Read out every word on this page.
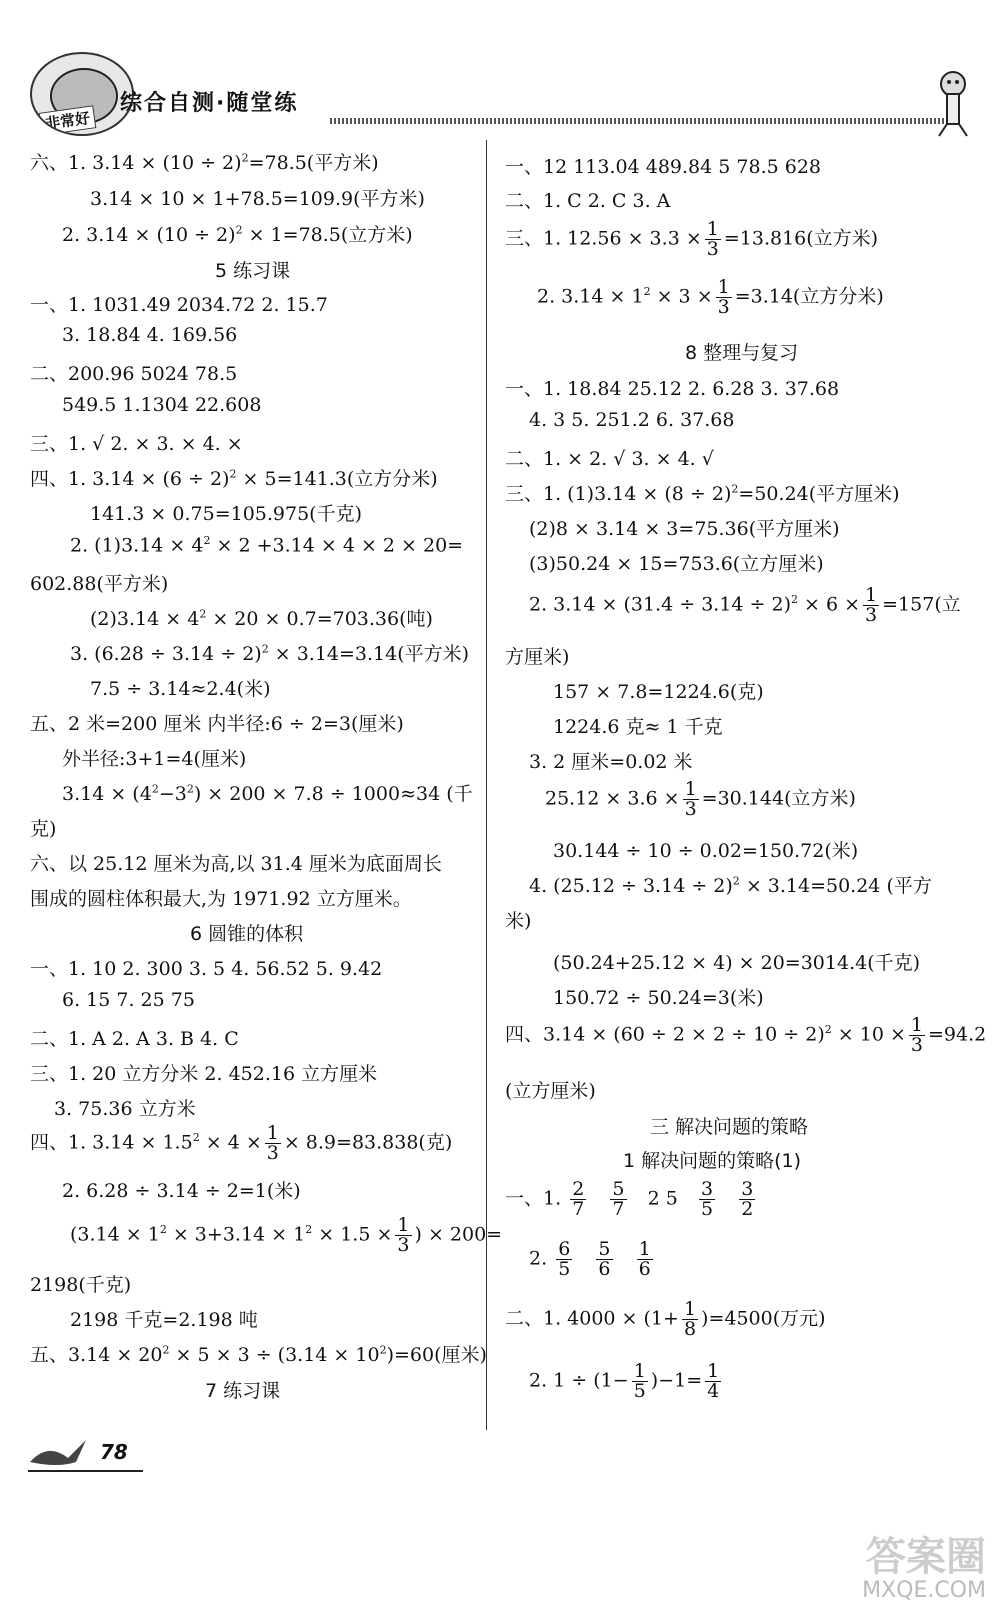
非常好
综合自测·随堂练
六、1. $3.14 \times (10 \div 2)^2=78.5$(平方米)
3.14 × 10 × 1+78.5=109.9(平方米)
2. $3.14 \times (10 \div 2)^2 \times 1=78.5$(立方米)
5 练习课
一、1. 1031.49 2034.72 2. 15.7
3. 18.84 4. 169.56
二、200.96 5024 78.5
549.5 1.1304 22.608
三、1. √ 2. × 3. × 4. ×
四、1. $3.14 \times (6 \div 2)^2 \times 5=141.3$(立方分米)
141.3 × 0.75=105.975(千克)
2. $(1)3.14 \times 4^2 \times 2 +3.14 \times 4 \times 2 \times 20=$
602.88(平方米)
$(2)3.14 \times 4^2 \times 20 \times 0.7=703.36$(吨)
3. $(6.28 \div 3.14 \div 2)^2 \times 3.14=3.14$(平方米)
7.5 ÷ 3.14≈2.4(米)
五、2 米=200 厘米 内半径:6 ÷ 2=3(厘米)
外半径:3+1=4(厘米)
$3.14 \times (4^2-3^2) \times 200 \times 7.8 \div 1000\approx 34$ (千
克)
六、以 25.12 厘米为高,以 31.4 厘米为底面周长
围成的圆柱体积最大,为 1971.92 立方厘米。
6 圆锥的体积
一、1. 10 2. 300 3. 5 4. 56.52 5. 9.42
6. 15 7. 25 75
二、1. A 2. A 3. B 4. C
三、1. 20 立方分米 2. 452.16 立方厘米
3. 75.36 立方米
四、1. $3.14 \times 1.5^2 \times 4 \times \frac{1}{3} \times 8.9=83.838$(克)
2. 6.28 ÷ 3.14 ÷ 2=1(米)
($3.14 \times 1^2 \times 3+3.14 \times 1^2 \times 1.5 \times \frac{1}{3}$ ) × 200=
2198(千克)
2198 千克=2.198 吨
五、$3.14 \times 20^2 \times 5 \times 3 \div (3.14 \times 10^2)=60$(厘米)
7 练习课
一、12 113.04 489.84 5 78.5 628
二、1. C 2. C 3. A
三、1. $12.56 \times 3.3 \times \frac{1}{3} =13.816$(立方米)
2. $3.14 \times 1^2 \times 3 \times \frac{1}{3} =3.14$(立方分米)
8 整理与复习
一、1. 18.84 25.12 2. 6.28 3. 37.68
4. 3 5. 251.2 6. 37.68
二、1. × 2. √ 3. × 4. √
三、1. $(1)3.14 \times (8 \div 2)^2=50.24$(平方厘米)
(2)8 × 3.14 × 3=75.36(平方厘米)
(3)50.24 × 15=753.6(立方厘米)
2. $3.14 \times (31.4 \div 3.14 \div 2)^2 \times 6 \times \frac{1}{3} =157$(立
方厘米)
157 × 7.8=1224.6(克)
1224.6 克≈ 1 千克
3. 2 厘米=0.02 米
$25.12 \times 3.6 \times \frac{1}{3} =30.144$(立方米)
30.144 ÷ 10 ÷ 0.02=150.72(米)
4. $(25.12 \div 3.14 \div 2)^2 \times 3.14=50.24$ (平方
米)
(50.24+25.12 × 4) × 20=3014.4(千克)
150.72 ÷ 50.24=3(米)
四、$3.14 \times (60 \div 2 \times 2 \div 10 \div 2)^2 \times 10 \times \frac{1}{3} =94.2$
(立方厘米)
三 解决问题的策略
1 解决问题的策略(1)
一、1. $\frac{2}{7}$
$\frac{5}{7} 2$ $5 \frac{3}{5}$
$\frac{3}{2}$
2. $\frac{6}{5}$
$\frac{5}{6}$
$\frac{1}{6}$
二、1. $4000 \times (1+ \frac{1}{8} )=4500$(万元)
2. $1 \div (1- \frac{1}{5} )-1= \frac{1}{4}$
78
答案圈
MXQE.COM
